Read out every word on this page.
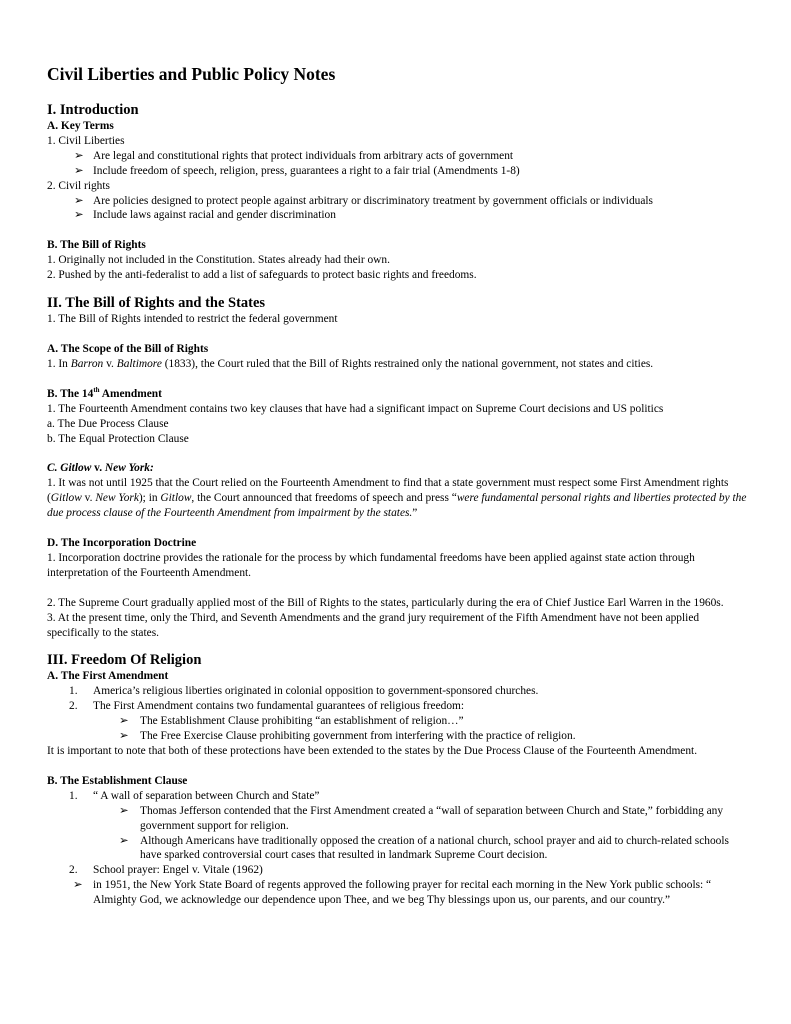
Civil Liberties and Public Policy Notes
I. Introduction

A. Key Terms

1. Civil Liberties

➢ Are legal and constitutional rights that protect individuals from arbitrary acts of government
➢ Include freedom of speech, religion, press, guarantees a right to a fair trial (Amendments 1-8)

2. Civil rights

➢ Are policies designed to protect people against arbitrary or discriminatory treatment by government officials or individuals
➢ Include laws against racial and gender discrimination

B. The Bill of Rights

1. Originally not included in the Constitution. States already had their own.

2. Pushed by the anti-federalist to add a list of safeguards to protect basic rights and freedoms.

II. The Bill of Rights and the States

1. The Bill of Rights intended to restrict the federal government

A. The Scope of the Bill of Rights

1. In Barron v. Baltimore (1833), the Court ruled that the Bill of Rights restrained only the national government, not states and cities.

B. The 14th Amendment

1. The Fourteenth Amendment contains two key clauses that have had a significant impact on Supreme Court decisions and US politics

a. The Due Process Clause

b. The Equal Protection Clause

C. Gitlow v. New York:

1. It was not until 1925 that the Court relied on the Fourteenth Amendment to find that a state government must respect some First Amendment rights (Gitlow v. New York); in Gitlow, the Court announced that freedoms of speech and press “were fundamental personal rights and liberties protected by the due process clause of the Fourteenth Amendment from impairment by the states.”

D. The Incorporation Doctrine

1. Incorporation doctrine provides the rationale for the process by which fundamental freedoms have been applied against state action through interpretation of the Fourteenth Amendment.

2. The Supreme Court gradually applied most of the Bill of Rights to the states, particularly during the era of Chief Justice Earl Warren in the 1960s.

3. At the present time, only the Third, and Seventh Amendments and the grand jury requirement of the Fifth Amendment have not been applied specifically to the states.

III. Freedom Of Religion

A. The First Amendment

1. America’s religious liberties originated in colonial opposition to government-sponsored churches.
2. The First Amendment contains two fundamental guarantees of religious freedom:
➢	The Establishment Clause prohibiting “an establishment of religion…”
➢	The Free Exercise Clause prohibiting government from interfering with the practice of religion.

It is important to note that both of these protections have been extended to the states by the Due Process Clause of the Fourteenth Amendment.

B. The Establishment Clause

1. “ A wall of separation between Church and State”
➢	Thomas Jefferson contended that the First Amendment created a “wall of separation between Church and State,” forbidding any government support for religion.
➢	Although Americans have traditionally opposed the creation of a national church, school prayer and aid to church-related schools have sparked controversial court cases that resulted in landmark Supreme Court decision.
2. School prayer: Engel v. Vitale (1962)
➢ in 1951, the New York State Board of regents approved the following prayer for recital each morning in the New York public schools: “ Almighty God, we acknowledge our dependence upon Thee, and we beg Thy blessings upon us, our parents, and our country.”
